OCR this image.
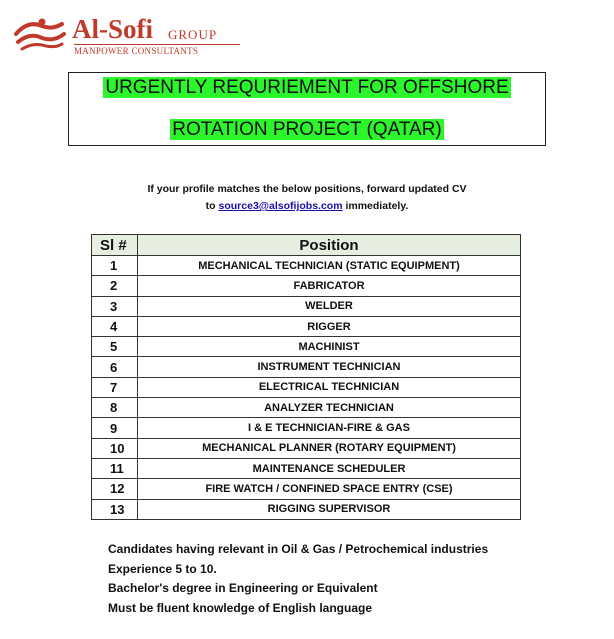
Al-Sofi GROUP
MANPOWER CONSULTANTS
URGENTLY REQURIEMENT FOR OFFSHORE
ROTATION PROJECT (QATAR)
If your profile matches the below positions, forward updated CV
to source3@alsofijobs.com immediately.
Sl #	Position
1	MECHANICAL TECHNICIAN (STATIC EQUIPMENT)
2	FABRICATOR
3	WELDER
4	RIGGER
5	MACHINIST
6	INSTRUMENT TECHNICIAN
7	ELECTRICAL TECHNICIAN
8	ANALYZER TECHNICIAN
9	I & E TECHNICIAN-FIRE & GAS
10	MECHANICAL PLANNER (ROTARY EQUIPMENT)
11	MAINTENANCE SCHEDULER
12	FIRE WATCH / CONFINED SPACE ENTRY (CSE)
13	RIGGING SUPERVISOR
Candidates having relevant in Oil & Gas / Petrochemical industries
Experience 5 to 10.
Bachelor's degree in Engineering or Equivalent
Must be fluent knowledge of English language
